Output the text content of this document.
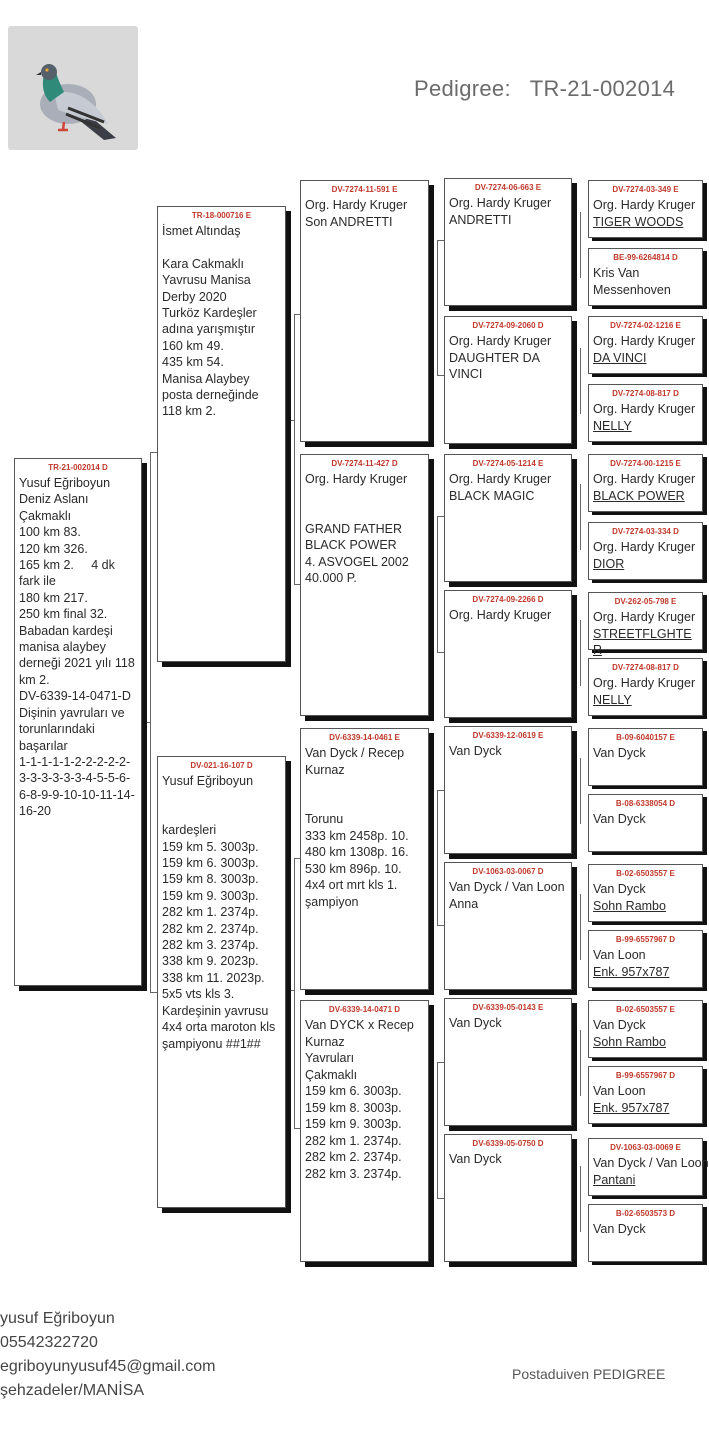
Pedigree:   TR-21-002014
TR-21-002014 D
Yusuf Eğriboyun
Deniz Aslanı
Çakmaklı
100 km 83.
120 km 326.
165 km 2.     4 dk fark ile
180 km 217.
250 km final 32.
Babadan kardeşi manisa alaybey derneği 2021 yılı 118 km 2.
DV-6339-14-0471-D
Dişinin yavruları ve torunlarındaki başarılar
1-1-1-1-1-2-2-2-2-2-3-3-3-3-3-3-4-5-5-6-6-8-9-9-10-10-11-14-16-20
TR-18-000716 E
İsmet Altındaş

Kara Cakmaklı Yavrusu Manisa Derby 2020
Turköz Kardeşler adına yarışmıştır
160 km 49.
435 km 54.
Manisa Alaybey posta derneğinde
118 km 2.
DV-021-16-107 D
Yusuf Eğriboyun

kardeşleri
159 km 5. 3003p.
159 km 6. 3003p.
159 km 8. 3003p.
159 km 9. 3003p.
282 km 1. 2374p.
282 km 2. 2374p.
282 km 3. 2374p.
338 km 9. 2023p.
338 km 11. 2023p.
5x5 vts kls 3.
Kardeşinin yavrusu 4x4 orta maroton kls şampiyonu ##1##
DV-7274-11-591 E
Org. Hardy Kruger
Son ANDRETTI
DV-7274-11-427 D
Org. Hardy Kruger

GRAND FATHER BLACK POWER
4. ASVOGEL 2002
40.000 P.
DV-6339-14-0461 E
Van Dyck / Recep Kurnaz

Torunu
333 km 2458p. 10.
480 km 1308p. 16.
530 km 896p. 10.
4x4 ort mrt kls 1. şampiyon
DV-6339-14-0471 D
Van DYCK x Recep Kurnaz
Yavruları
Çakmaklı
159 km 6. 3003p.
159 km 8. 3003p.
159 km 9. 3003p.
282 km 1. 2374p.
282 km 2. 2374p.
282 km 3. 2374p.
DV-7274-06-663 E
Org. Hardy Kruger
ANDRETTI
DV-7274-09-2060 D
Org. Hardy Kruger
DAUGHTER DA VINCI
DV-7274-05-1214 E
Org. Hardy Kruger
BLACK MAGIC
DV-7274-09-2266 D
Org. Hardy Kruger
DV-6339-12-0619 E
Van Dyck
DV-1063-03-0067 D
Van Dyck / Van Loon
Anna
DV-6339-05-0143 E
Van Dyck
DV-6339-05-0750 D
Van Dyck
DV-7274-03-349 E
Org. Hardy Kruger
TIGER WOODS
BE-99-6264814 D
Kris Van
Messenhoven
DV-7274-02-1216 E
Org. Hardy Kruger
DA VINCI
DV-7274-08-817 D
Org. Hardy Kruger
NELLY
DV-7274-00-1215 E
Org. Hardy Kruger
BLACK POWER
DV-7274-03-334 D
Org. Hardy Kruger
DIOR
DV-262-05-798 E
Org. Hardy Kruger
STREETFLGHTER
DV-7274-08-817 D
Org. Hardy Kruger
NELLY
B-09-6040157 E
Van Dyck
B-08-6338054 D
Van Dyck
B-02-6503557 E
Van Dyck
Sohn Rambo
B-99-6557967 D
Van Loon
Enk. 957x787
B-02-6503557 E
Van Dyck
Sohn Rambo
B-99-6557967 D
Van Loon
Enk. 957x787
DV-1063-03-0069 E
Van Dyck / Van Loon
Pantani
B-02-6503573 D
Van Dyck
yusuf Eğriboyun
05542322720
egriboyunyusuf45@gmail.com
şehzadeler/MANİSA
Postaduiven PEDIGREE
